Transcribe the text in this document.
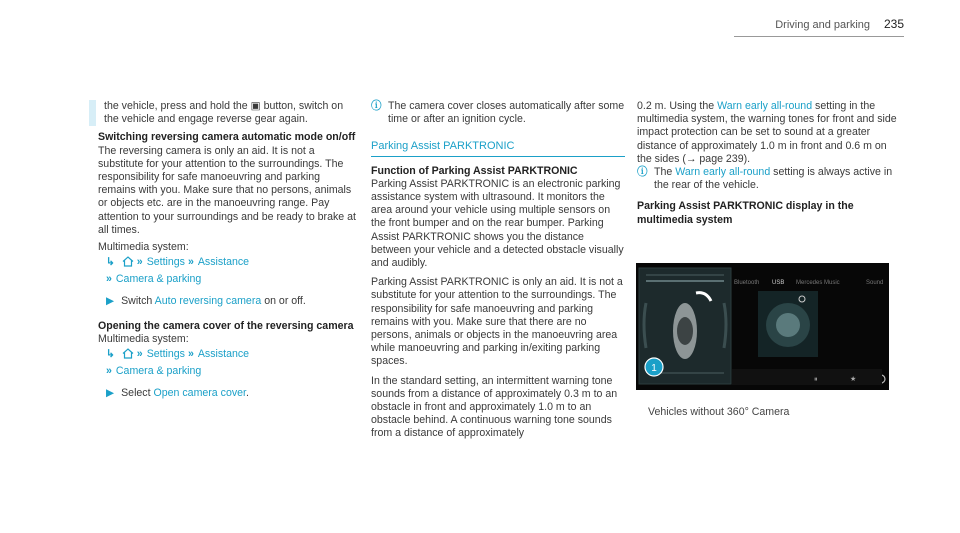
Driving and parking 235

the vehicle, press and hold the ▣ button, switch on the vehicle and engage reverse gear again.

Switching reversing camera automatic mode on/off

The reversing camera is only an aid. It is not a substitute for your attention to the surroundings. The responsibility for safe manoeuvring and parking remains with you. Make sure that no persons, animals or objects etc. are in the manoeuvring range. Pay attention to your surroundings and be ready to brake at all times.

Multimedia system:

↳  » Settings » Assistance
» Camera & parking

▶ Switch Auto reversing camera on or off.

Opening the camera cover of the reversing camera

Multimedia system:

↳  » Settings » Assistance
» Camera & parking

▶ Select Open camera cover.

ⓘ The camera cover closes automatically after some time or after an ignition cycle.

Parking Assist PARKTRONIC

Function of Parking Assist PARKTRONIC

Parking Assist PARKTRONIC is an electronic parking assistance system with ultrasound. It monitors the area around your vehicle using multiple sensors on the front bumper and on the rear bumper. Parking Assist PARKTRONIC shows you the distance between your vehicle and a detected obstacle visually and audibly.

Parking Assist PARKTRONIC is only an aid. It is not a substitute for your attention to the surroundings. The responsibility for safe manoeuvring and parking remains with you. Make sure that there are no persons, animals or objects in the manoeuvring area while manoeuvring and parking in/exiting parking spaces.

In the standard setting, an intermittent warning tone sounds from a distance of approximately 0.3 m to an obstacle in front and approximately 1.0 m to an obstacle behind. A continuous warning tone sounds from a distance of approximately

0.2 m. Using the Warn early all-round setting in the multimedia system, the warning tones for front and side impact protection can be set to sound at a greater distance of approximately 1.0 m in front and 0.6 m on the sides (→ page 239).

ⓘ The Warn early all-round setting is always active in the rear of the vehicle.

Parking Assist PARKTRONIC display in the multimedia system

Bluetooth USB Mercedes Music	Sound
1
⏸	★

Vehicles without 360° Camera
